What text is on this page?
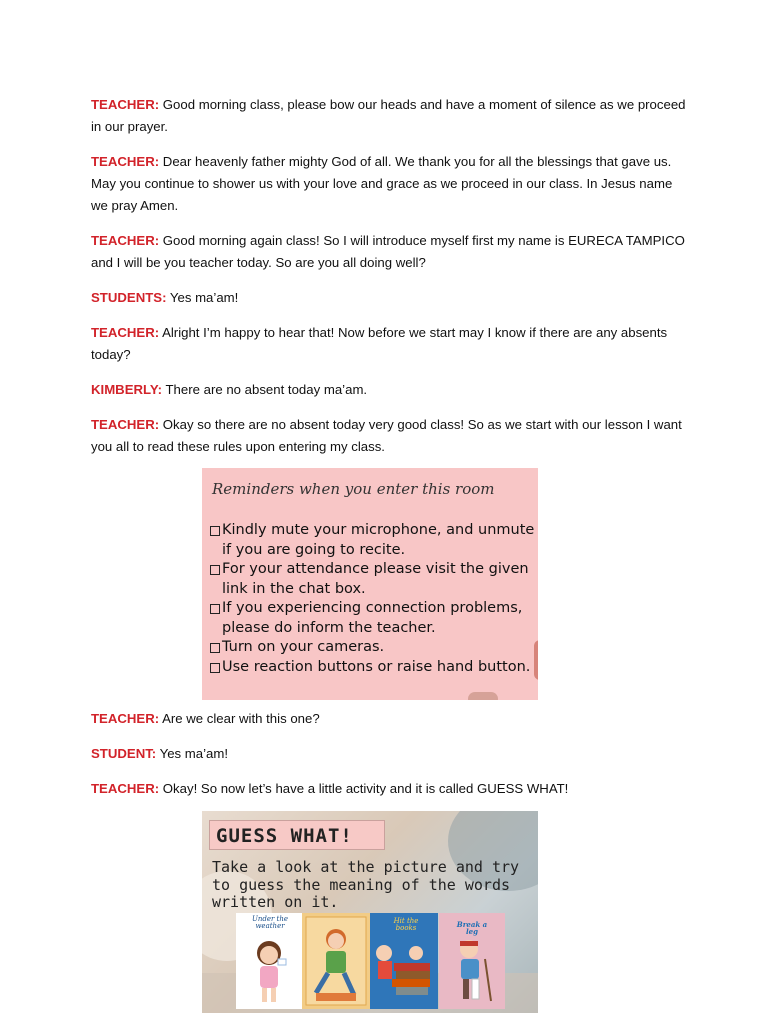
TEACHER: Good morning class, please bow our heads and have a moment of silence as we proceed in our prayer.

TEACHER: Dear heavenly father mighty God of all. We thank you for all the blessings that gave us. May you continue to shower us with your love and grace as we proceed in our class. In Jesus name we pray Amen.

TEACHER: Good morning again class! So I will introduce myself first my name is EURECA TAMPICO and I will be you teacher today. So are you all doing well?

STUDENTS: Yes ma’am!

TEACHER: Alright I’m happy to hear that! Now before we start may I know if there are any absents today?

KIMBERLY: There are no absent today ma’am.

TEACHER: Okay so there are no absent today very good class! So as we start with our lesson I want you all to read these rules upon entering my class.

Reminders when you enter this room
Kindly mute your microphone, and unmute if you are going to recite.
For your attendance please visit the given link in the chat box.
If you experiencing connection problems, please do inform the teacher.
Turn on your cameras.
Use reaction buttons or raise hand button.

TEACHER: Are we clear with this one?

STUDENT: Yes ma’am!

TEACHER: Okay! So now let’s have a little activity and it is called GUESS WHAT!

GUESS WHAT!
Take a look at the picture and try to guess the meaning of the words written on it.
Under the weather
Hit the books	Break a leg
